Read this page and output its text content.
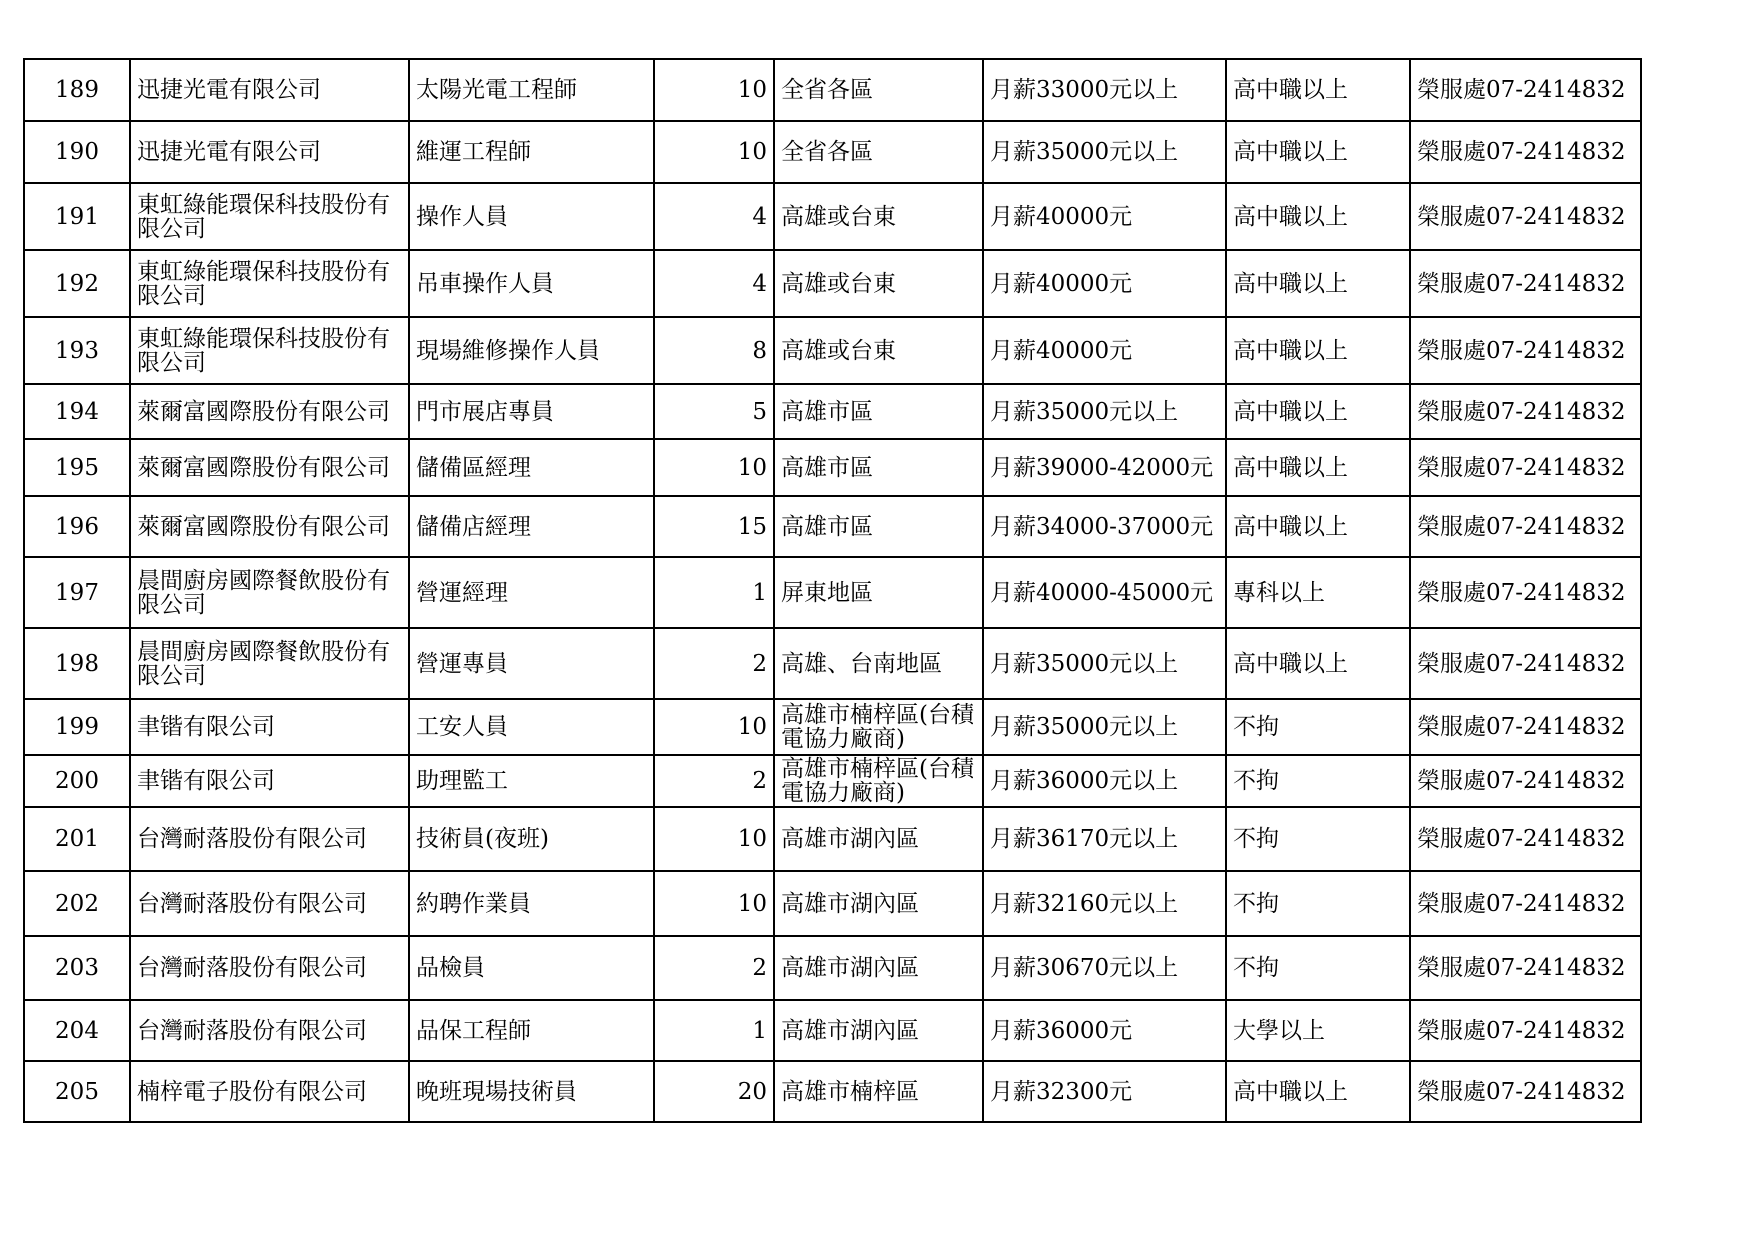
189	迅捷光電有限公司	太陽光電工程師	10	全省各區	月薪33000元以上	高中職以上	榮服處07-2414832
190	迅捷光電有限公司	維運工程師	10	全省各區	月薪35000元以上	高中職以上	榮服處07-2414832
191	東虹綠能環保科技股份有限公司	操作人員	4	高雄或台東	月薪40000元	高中職以上	榮服處07-2414832
192	東虹綠能環保科技股份有限公司	吊車操作人員	4	高雄或台東	月薪40000元	高中職以上	榮服處07-2414832
193	東虹綠能環保科技股份有限公司	現場維修操作人員	8	高雄或台東	月薪40000元	高中職以上	榮服處07-2414832
194	萊爾富國際股份有限公司	門市展店專員	5	高雄市區	月薪35000元以上	高中職以上	榮服處07-2414832
195	萊爾富國際股份有限公司	儲備區經理	10	高雄市區	月薪39000-42000元	高中職以上	榮服處07-2414832
196	萊爾富國際股份有限公司	儲備店經理	15	高雄市區	月薪34000-37000元	高中職以上	榮服處07-2414832
197	晨間廚房國際餐飲股份有限公司	營運經理	1	屏東地區	月薪40000-45000元	專科以上	榮服處07-2414832
198	晨間廚房國際餐飲股份有限公司	營運專員	2	高雄、台南地區	月薪35000元以上	高中職以上	榮服處07-2414832
199	聿锴有限公司	工安人員	10	高雄市楠梓區(台積電協力廠商)	月薪35000元以上	不拘	榮服處07-2414832
200	聿锴有限公司	助理監工	2	高雄市楠梓區(台積電協力廠商)	月薪36000元以上	不拘	榮服處07-2414832
201	台灣耐落股份有限公司	技術員(夜班)	10	高雄市湖內區	月薪36170元以上	不拘	榮服處07-2414832
202	台灣耐落股份有限公司	約聘作業員	10	高雄市湖內區	月薪32160元以上	不拘	榮服處07-2414832
203	台灣耐落股份有限公司	品檢員	2	高雄市湖內區	月薪30670元以上	不拘	榮服處07-2414832
204	台灣耐落股份有限公司	品保工程師	1	高雄市湖內區	月薪36000元	大學以上	榮服處07-2414832
205	楠梓電子股份有限公司	晚班現場技術員	20	高雄市楠梓區	月薪32300元	高中職以上	榮服處07-2414832
